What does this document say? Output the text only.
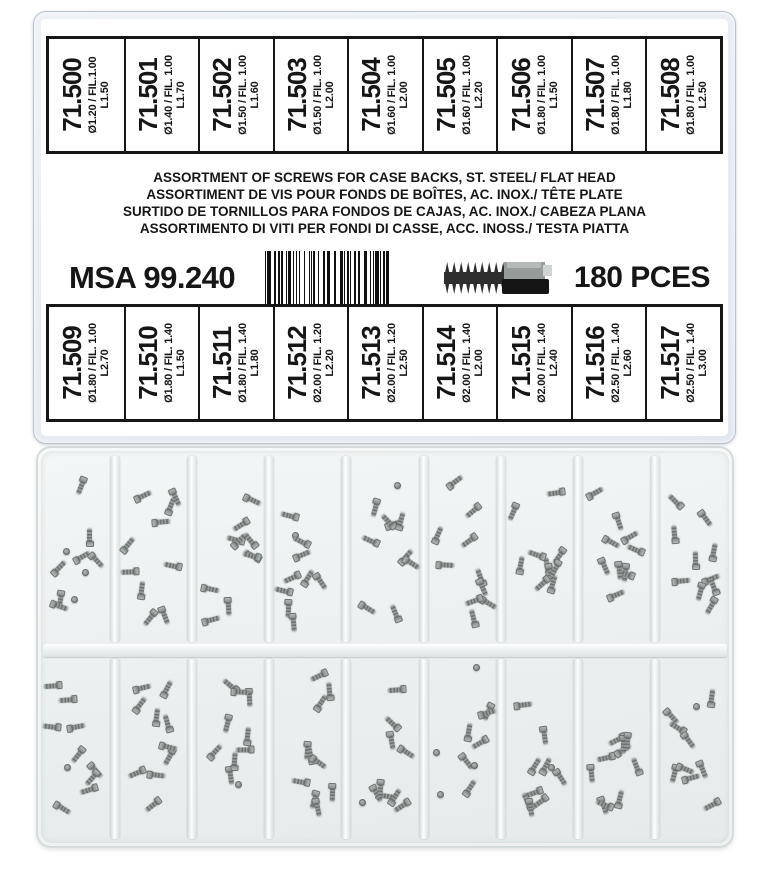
71.500 Ø1.20 / FIL.1.00 L1.50 71.501 Ø1.40 / FIL. 1.00 L1.70 71.502 Ø1.50 / FIL. 1.00 L1.60 71.503 Ø1.50 / FIL. 1.00 L2.00 71.504 Ø1.60 / FIL. 1.00 L2.00 71.505 Ø1.60 / FIL. 1.00 L2.20 71.506 Ø1.80 / FIL. 1.00 L1.50 71.507 Ø1.80 / FIL. 1.00 L1.80 71.508 Ø1.80 / FIL. 1.00 L2.50
ASSORTMENT OF SCREWS FOR CASE BACKS, ST. STEEL/ FLAT HEAD
ASSORTIMENT DE VIS POUR FONDS DE BOÎTES, AC. INOX./ TÊTE PLATE
SURTIDO DE TORNILLOS PARA FONDOS DE CAJAS, AC. INOX./ CABEZA PLANA
ASSORTIMENTO DI VITI PER FONDI DI CASSE, ACC. INOSS./ TESTA PIATTA
MSA 99.240	180 PCES
71.509 Ø1.80 / FIL. 1.00 L2.70 71.510 Ø1.80 / FIL. 1.40 L1.50 71.511 Ø1.80 / FIL. 1.40 L1.80 71.512 Ø2.00 / FIL. 1.20 L2.20 71.513 Ø2.00 / FIL. 1.20 L2.50 71.514 Ø2.00 / FIL. 1.40 L2.00 71.515 Ø2.00 / FIL. 1.40 L2.40 71.516 Ø2.50 / FIL. 1.40 L2.60 71.517 Ø2.50 / FIL. 1.40 L3.00
